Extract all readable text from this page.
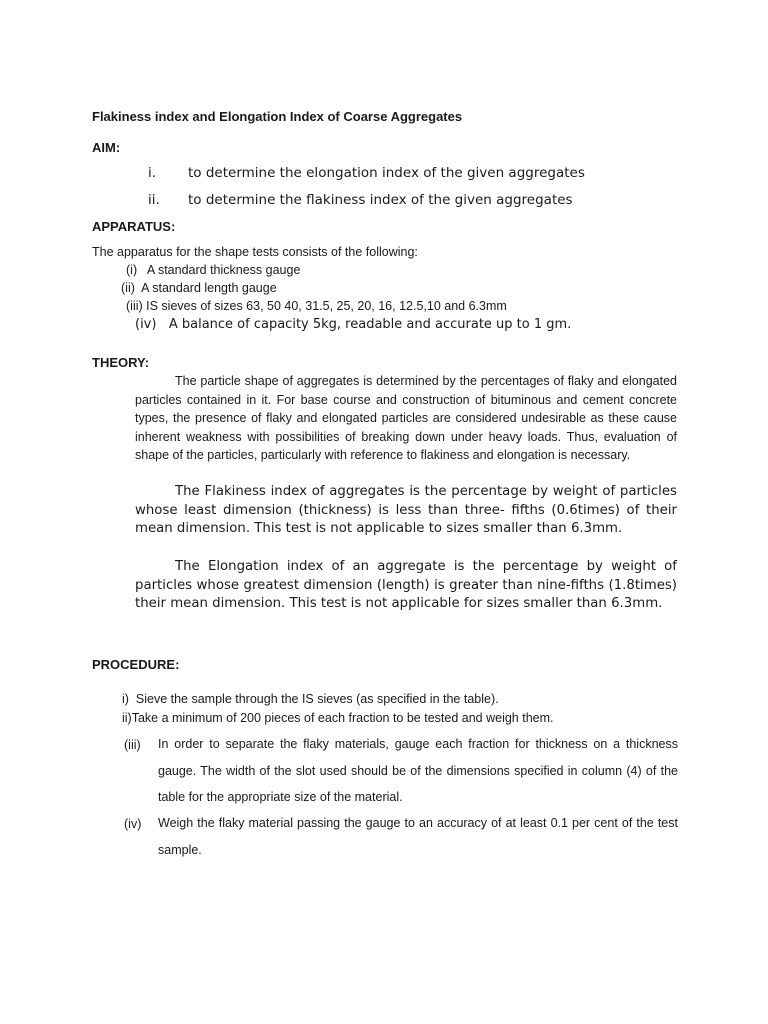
Flakiness index and Elongation Index of Coarse Aggregates
AIM:
i. to determine the elongation index of the given aggregates
ii. to determine the flakiness index of the given aggregates
APPARATUS:
The apparatus for the shape tests consists of the following:
(i)   A standard thickness gauge
(ii)  A standard length gauge
(iii) IS sieves of sizes 63, 50 40, 31.5, 25, 20, 16, 12.5,10 and 6.3mm
(iv)   A balance of capacity 5kg, readable and accurate up to 1 gm.
THEORY:

The particle shape of aggregates is determined by the percentages of flaky and elongated particles contained in it. For base course and construction of bituminous and cement concrete types, the presence of flaky and elongated particles are considered undesirable as these cause inherent weakness with possibilities of breaking down under heavy loads. Thus, evaluation of shape of the particles, particularly with reference to flakiness and elongation is necessary.

The Flakiness index of aggregates is the percentage by weight of particles whose least dimension (thickness) is less than three- fifths (0.6times) of their mean dimension. This test is not applicable to sizes smaller than 6.3mm.

The Elongation index of an aggregate is the percentage by weight of particles whose greatest dimension (length) is greater than nine-fifths (1.8times) their mean dimension. This test is not applicable for sizes smaller than 6.3mm.

PROCEDURE:
i)  Sieve the sample through the IS sieves (as specified in the table).
ii)Take a minimum of 200 pieces of each fraction to be tested and weigh them.
(iii) In order to separate the flaky materials, gauge each fraction for thickness on a thickness gauge. The width of the slot used should be of the dimensions specified in column (4) of the table for the appropriate size of the material.

(iv) Weigh the flaky material passing the gauge to an accuracy of at least 0.1 per cent of the test sample.
